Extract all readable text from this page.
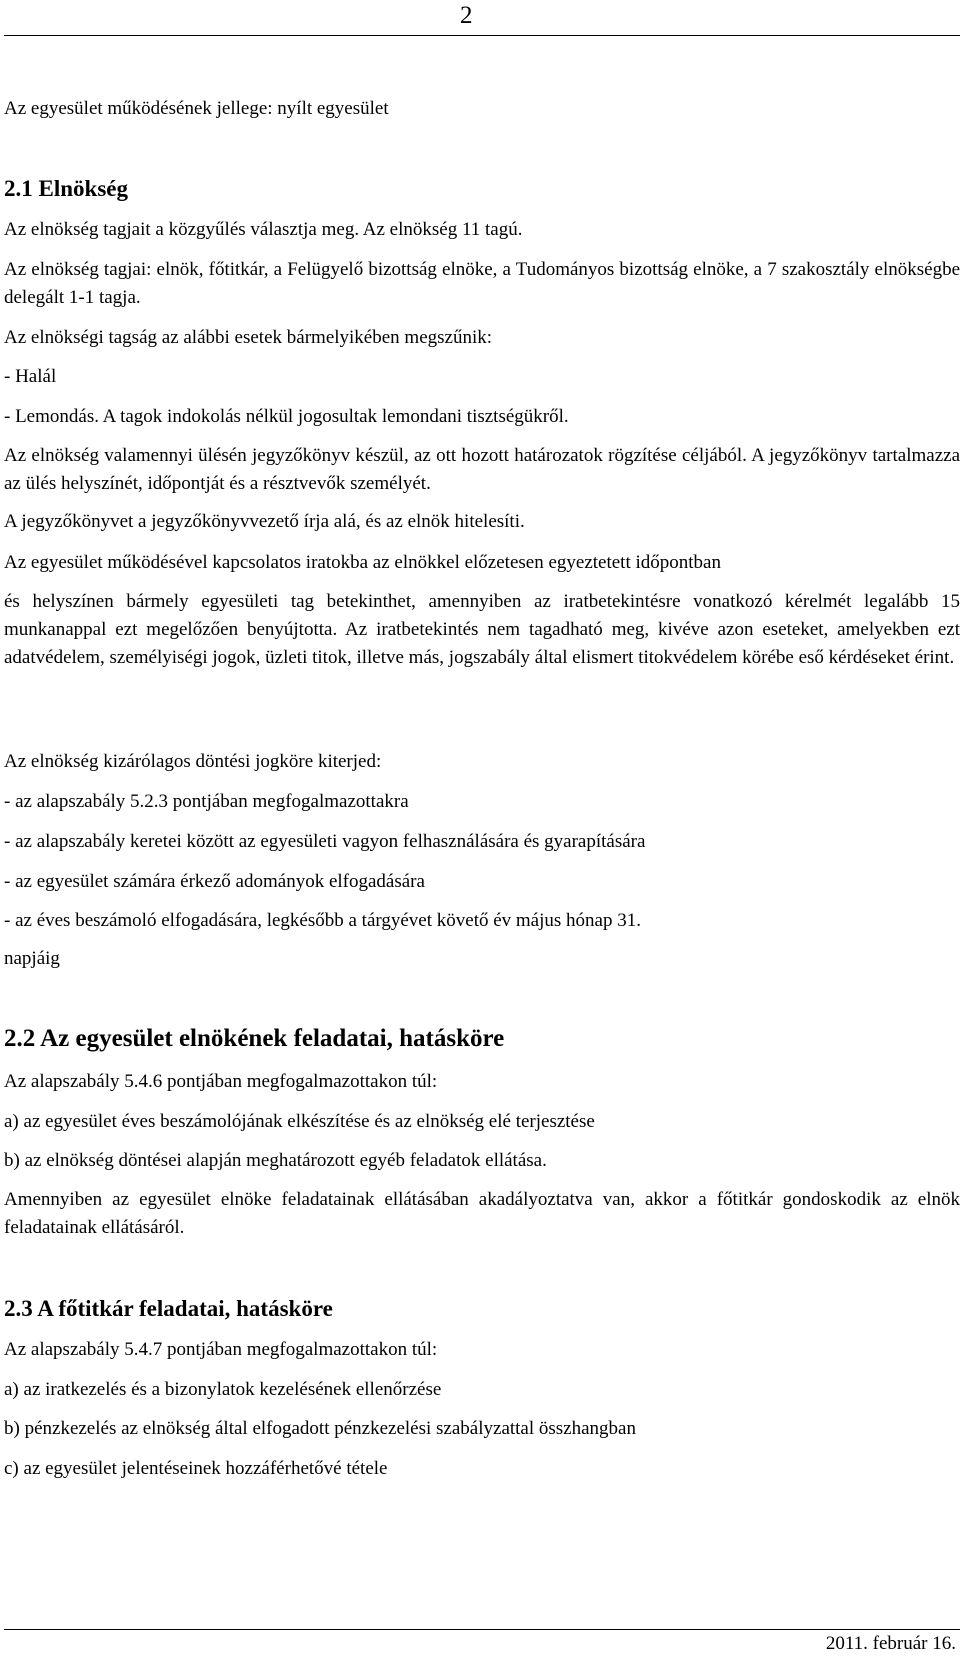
2
Az egyesület működésének jellege: nyílt egyesület
2.1 Elnökség
Az elnökség tagjait a közgyűlés választja meg. Az elnökség 11 tagú.
Az elnökség tagjai: elnök, főtitkár, a Felügyelő bizottság elnöke, a Tudományos bizottság elnöke, a 7 szakosztály elnökségbe delegált 1-1 tagja.
Az elnökségi tagság az alábbi esetek bármelyikében megszűnik:
- Halál
- Lemondás. A tagok indokolás nélkül jogosultak lemondani tisztségükről.
Az elnökség valamennyi ülésén jegyzőkönyv készül, az ott hozott határozatok rögzítése céljából. A jegyzőkönyv tartalmazza az ülés helyszínét, időpontját és a résztvevők személyét.
A jegyzőkönyvet a jegyzőkönyvvezető írja alá, és az elnök hitelesíti.
Az egyesület működésével kapcsolatos iratokba az elnökkel előzetesen egyeztetett időpontban
és helyszínen bármely egyesületi tag betekinthet, amennyiben az iratbetekintésre vonatkozó kérelmét legalább 15 munkanappal ezt megelőzően benyújtotta. Az iratbetekintés nem tagadható meg, kivéve azon eseteket, amelyekben ezt adatvédelem, személyiségi jogok, üzleti titok, illetve más, jogszabály által elismert titokvédelem körébe eső kérdéseket érint.
Az elnökség kizárólagos döntési jogköre kiterjed:
- az alapszabály 5.2.3 pontjában megfogalmazottakra
- az alapszabály keretei között az egyesületi vagyon felhasználására és gyarapítására
- az egyesület számára érkező adományok elfogadására
- az éves beszámoló elfogadására, legkésőbb a tárgyévet követő év május hónap 31.
napjáig
2.2 Az egyesület elnökének feladatai, hatásköre
Az alapszabály 5.4.6 pontjában megfogalmazottakon túl:
a) az egyesület éves beszámolójának elkészítése és az elnökség elé terjesztése
b) az elnökség döntései alapján meghatározott egyéb feladatok ellátása.
Amennyiben az egyesület elnöke feladatainak ellátásában akadályoztatva van, akkor a főtitkár gondoskodik az elnök feladatainak ellátásáról.
2.3 A főtitkár feladatai, hatásköre
Az alapszabály 5.4.7 pontjában megfogalmazottakon túl:
a) az iratkezelés és a bizonylatok kezelésének ellenőrzése
b) pénzkezelés az elnökség által elfogadott pénzkezelési szabályzattal összhangban
c) az egyesület jelentéseinek hozzáférhetővé tétele
2011. február 16.
